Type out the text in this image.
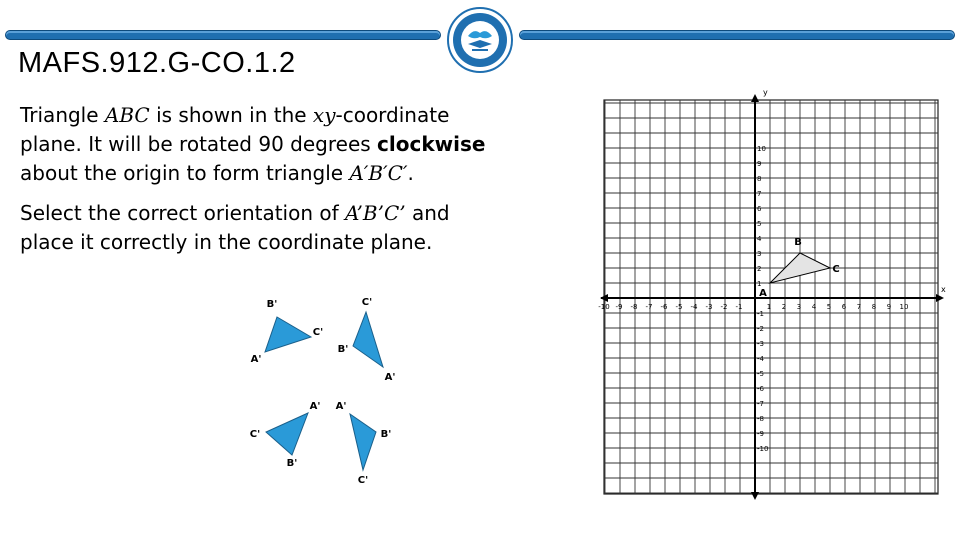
MAFS.912.G-CO.1.2

Triangle ABC is shown in the xy-coordinate
plane. It will be rotated 90 degrees clockwise
about the origin to form triangle A′B′C′.

Select the correct orientation of A’B’C’ and
place it correctly in the coordinate plane.

B'
C'
A'
C'
B'
A'
A'
C'
B'
A'
B'
C'
x
y
-10 -9 -8 -7 -6 -5 -4 -3 -2 -1	1 2 3 4 5 6 7 8 9 10
-10
-9
-8
-7
-6
-5
-4
-3
-2
-1
1
2
3
4
5
6
7
8
9
10
A
B
C
